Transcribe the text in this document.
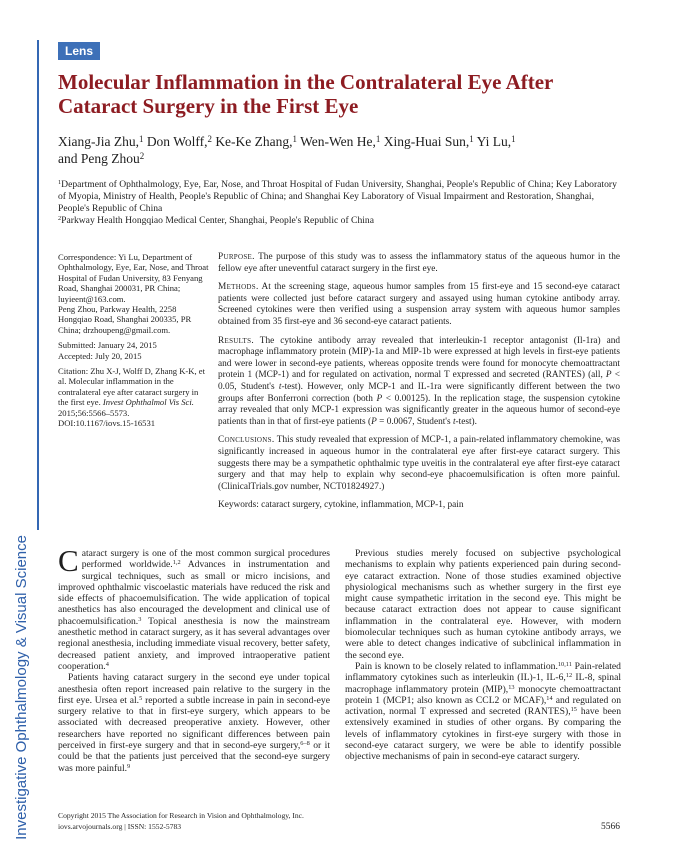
Investigative Ophthalmology & Visual Science
Lens
Molecular Inflammation in the Contralateral Eye After Cataract Surgery in the First Eye
Xiang-Jia Zhu,$^1$ Don Wolff,$^2$ Ke-Ke Zhang,$^1$ Wen-Wen He,$^1$ Xing-Huai Sun,$^1$ Yi Lu,$^1$
and Peng Zhou$^2$
$^1$Department of Ophthalmology, Eye, Ear, Nose, and Throat Hospital of Fudan University, Shanghai, People's Republic of China; Key Laboratory of Myopia, Ministry of Health, People's Republic of China; and Shanghai Key Laboratory of Visual Impairment and Restoration, Shanghai, People's Republic of China
$^2$Parkway Health Hongqiao Medical Center, Shanghai, People's Republic of China

Correspondence: Yi Lu, Department of Ophthalmology, Eye, Ear, Nose, and Throat Hospital of Fudan University, 83 Fenyang Road, Shanghai 200031, PR China; luyieent@163.com.

Peng Zhou, Parkway Health, 2258 Hongqiao Road, Shanghai 200335, PR China; drzhoupeng@gmail.com.

Submitted: January 24, 2015

Accepted: July 20, 2015

Citation: Zhu X-J, Wolff D, Zhang K-K, et al. Molecular inflammation in the contralateral eye after cataract surgery in the first eye. Invest Ophthalmol Vis Sci. 2015;56:5566–5573.

DOI:10.1167/iovs.15-16531

Purpose. The purpose of this study was to assess the inflammatory status of the aqueous humor in the fellow eye after uneventful cataract surgery in the first eye.

Methods. At the screening stage, aqueous humor samples from 15 first-eye and 15 second-eye cataract patients were collected just before cataract surgery and assayed using human cytokine antibody array. Screened cytokines were then verified using a suspension array system with aqueous humor samples obtained from 35 first-eye and 36 second-eye cataract patients.

Results. The cytokine antibody array revealed that interleukin-1 receptor antagonist (Il-1ra) and macrophage inflammatory protein (MIP)-1a and MIP-1b were expressed at high levels in first-eye patients and were lower in second-eye patients, whereas opposite trends were found for monocyte chemoattractant protein 1 (MCP-1) and for regulated on activation, normal T expressed and secreted (RANTES) (all, P < 0.05, Student's t-test). However, only MCP-1 and IL-1ra were significantly different between the two groups after Bonferroni correction (both P < 0.00125). In the replication stage, the suspension cytokine array revealed that only MCP-1 expression was significantly greater in the aqueous humor of second-eye patients than in that of first-eye patients (P = 0.0067, Student's t-test).

Conclusions. This study revealed that expression of MCP-1, a pain-related inflammatory chemokine, was significantly increased in aqueous humor in the contralateral eye after first-eye cataract surgery. This suggests there may be a sympathetic ophthalmic type uveitis in the contralateral eye after first-eye cataract surgery and that may help to explain why second-eye phacoemulsification is often more painful. (ClinicalTrials.gov number, NCT01824927.)

Keywords: cataract surgery, cytokine, inflammation, MCP-1, pain

Cataract surgery is one of the most common surgical procedures performed worldwide.$^{1,2}$ Advances in instrumentation and surgical techniques, such as small or micro incisions, and improved ophthalmic viscoelastic materials have reduced the risk and side effects of phacoemulsification. The wide application of topical anesthetics has also encouraged the development and clinical use of phacoemulsification.$^3$ Topical anesthesia is now the mainstream anesthetic method in cataract surgery, as it has several advantages over regional anesthesia, including immediate visual recovery, better safety, decreased patient anxiety, and improved intraoperative patient cooperation.$^4$

Patients having cataract surgery in the second eye under topical anesthesia often report increased pain relative to the surgery in the first eye. Ursea et al.$^5$ reported a subtle increase in pain in second-eye surgery relative to that in first-eye surgery, which appears to be associated with decreased preoperative anxiety. However, other researchers have reported no significant differences between pain perceived in first-eye surgery and that in second-eye surgery,$^{6-8}$ or it could be that the patients just perceived that the second-eye surgery was more painful.$^9$

Previous studies merely focused on subjective psychological mechanisms to explain why patients experienced pain during second-eye cataract extraction. None of those studies examined objective physiological mechanisms such as whether surgery in the first eye might cause sympathetic irritation in the second eye. This might be because cataract extraction does not appear to cause significant inflammation in the contralateral eye. However, with modern biomolecular techniques such as human cytokine antibody arrays, we were able to detect changes indicative of subclinical inflammation in the second eye.

Pain is known to be closely related to inflammation.$^{10,11}$ Pain-related inflammatory cytokines such as interleukin (IL)-1, IL-6,12 IL-8, spinal macrophage inflammatory protein (MIP),$^{13}$ monocyte chemoattractant protein 1 (MCP1; also known as CCL2 or MCAF),$^{14}$ and regulated on activation, normal T expressed and secreted (RANTES),$^{15}$ have been extensively examined in studies of other organs. By comparing the levels of inflammatory cytokines in first-eye surgery with those in second-eye cataract surgery, we were be able to identify possible objective mechanisms of pain in second-eye cataract surgery.

Copyright 2015 The Association for Research in Vision and Ophthalmology, Inc.
iovs.arvojournals.org | ISSN: 1552-5783	5566
